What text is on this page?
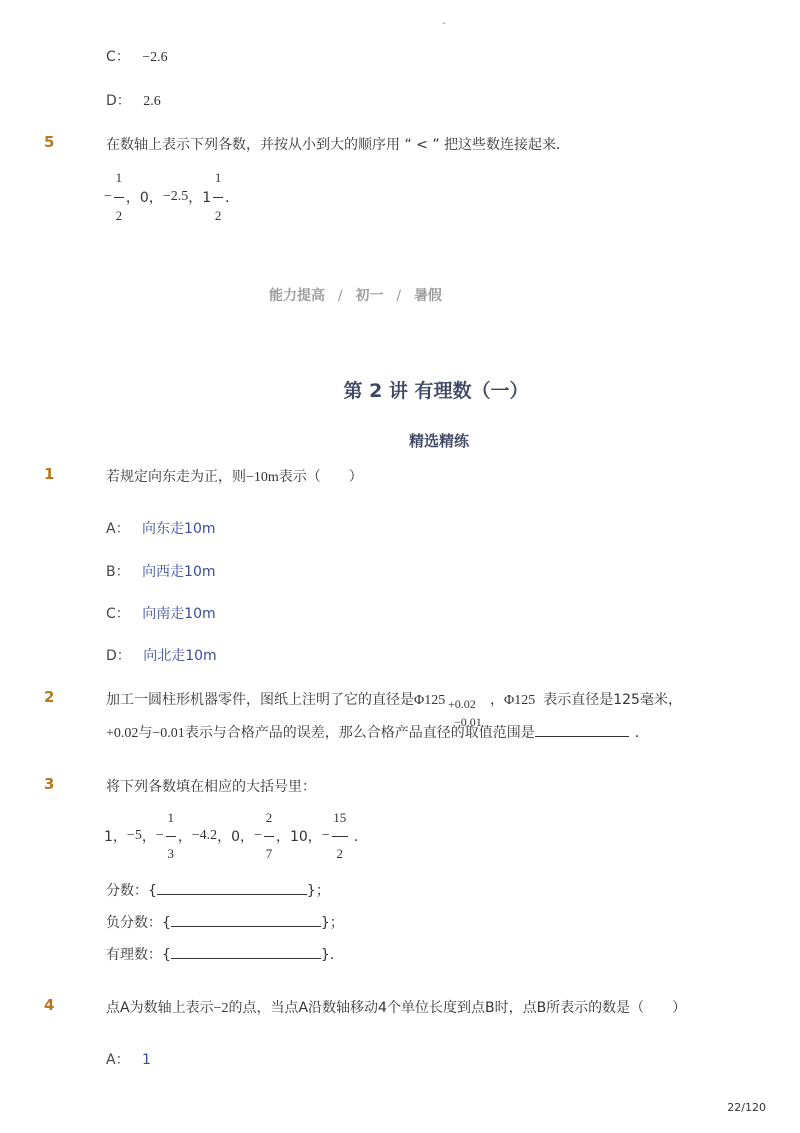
-
C： −2.6
D： 2.6
5	在数轴上表示下列各数，并按从小到大的顺序用 “ < ” 把这些数连接起来．
− $\frac{1}{2}$ ，0， −2.5 ，$1 \frac{1}{2}$ ．
能力提高 / 初一 / 暑假
第 2 讲 有理数（一）
精选精练
1	若规定向东走为正，则−10m表示（　　）
A： 向东走10m
B： 向西走10m
C： 向南走10m
D： 向北走10m
2	加工一圆柱形机器零件，图纸上注明了它的直径是Φ125 +0.02
−0.01
，Φ125 表示直径是125毫米，
+0.02与−0.01表示与合格产品的误差，那么合格产品直径的取值范围是	．
3	将下列各数填在相应的大括号里：
1， −5 ， − $\frac{1}{3}$ ， −4.2 ，0， − $\frac{2}{7}$ ，10， − $\frac{15}{2}$ ．
分数：{	}；
负分数：{	}；
有理数：{	}．
4	点A为数轴上表示−2的点，当点A沿数轴移动4个单位长度到点B时，点B所表示的数是（　　）
A： 1
22/120
